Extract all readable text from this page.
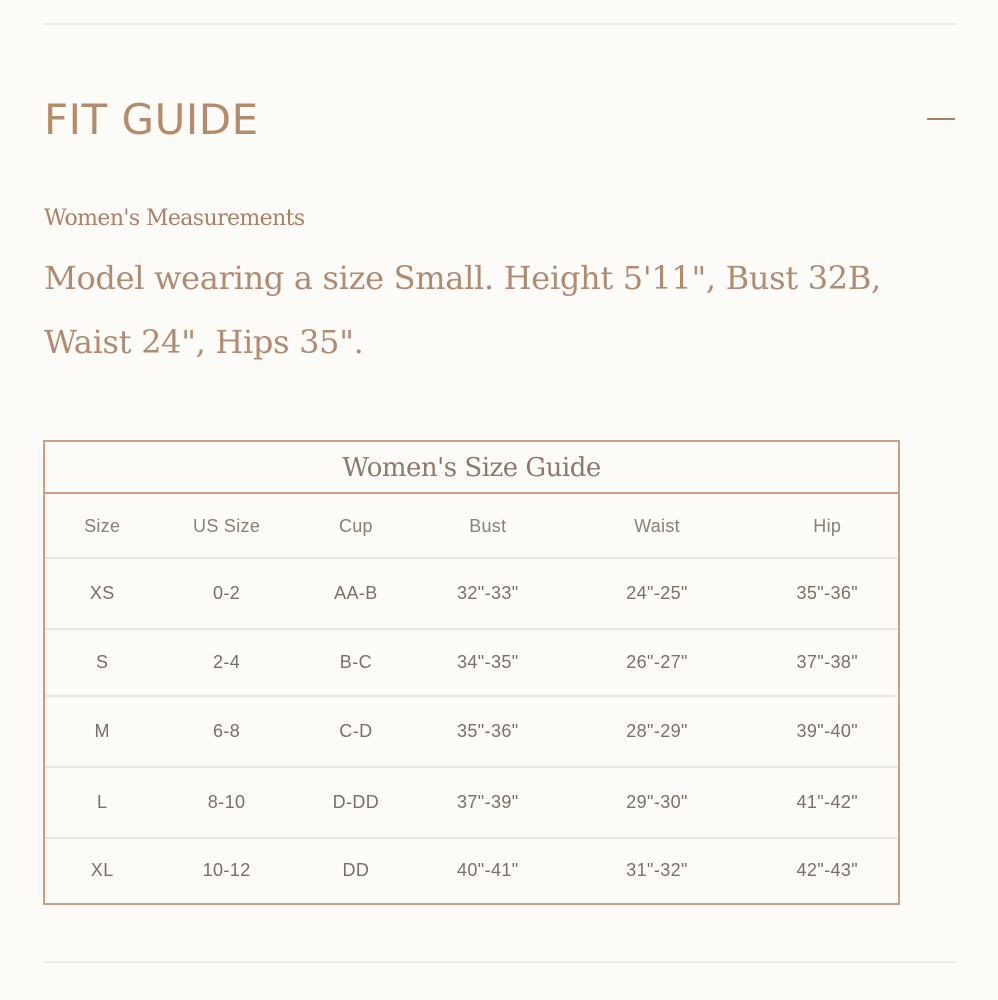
FIT GUIDE
Women's Measurements
Model wearing a size Small. Height 5'11", Bust 32B,
Waist 24", Hips 35".
Women's Size Guide
Size	US Size	Cup	Bust	Waist	Hip
XS	0-2	AA-B	32"-33"	24"-25"	35"-36"
S	2-4	B-C	34"-35"	26"-27"	37"-38"
M	6-8	C-D	35"-36"	28"-29"	39"-40"
L	8-10	D-DD	37"-39"	29"-30"	41"-42"
XL	10-12	DD	40"-41"	31"-32"	42"-43"
